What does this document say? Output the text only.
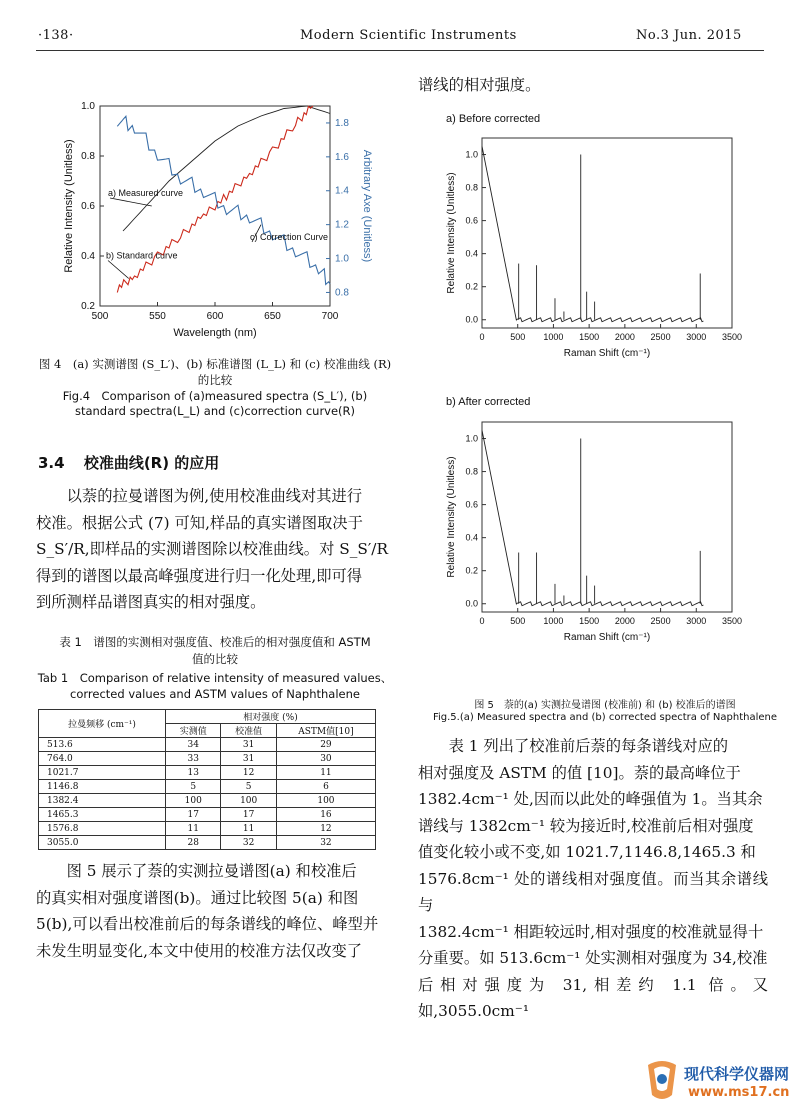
·138·	Modern Scientific Instruments	No.3 Jun. 2015
500	550	600	650	700
0.2
0.4
0.6
0.8
1.0
0.8
1.0
1.2
1.4
1.6
1.8
Wavelength (nm)
Relative Intensity (Unitless)	Arbitrary Axe (Unitless)
a) Measured curve
b) Standard curve
c) Correction Curve
图 4　(a) 实测谱图 (S_L′)、(b) 标准谱图 (L_L) 和 (c) 校准曲线 (R)
的比较
Fig.4　Comparison of (a)measured spectra (S_L′), (b)
standard spectra(L_L) and (c)correction curve(R)
3.4 校准曲线(R) 的应用

以萘的拉曼谱图为例,使用校准曲线对其进行

校准。根据公式 (7) 可知,样品的真实谱图取决于

S_S′/R,即样品的实测谱图除以校准曲线。对 S_S′/R

得到的谱图以最高峰强度进行归一化处理,即可得

到所测样品谱图真实的相对强度。

表 1　谱图的实测相对强度值、校准后的相对强度值和 ASTM
值的比较
Tab 1　Comparison of relative intensity of measured values、
corrected values and ASTM values of Naphthalene
拉曼频移 (cm⁻¹)	相对强度 (%)		
	实测值	校准值	ASTM值[10]
513.6	34	31	29
764.0	33	31	30
1021.7	13	12	11
1146.8	5	5	6
1382.4	100	100	100
1465.3	17	17	16
1576.8	11	11	12
3055.0	28	32	32

图 5 展示了萘的实测拉曼谱图(a) 和校准后

的真实相对强度谱图(b)。通过比较图 5(a) 和图

5(b),可以看出校准前后的每条谱线的峰位、峰型并

未发生明显变化,本文中使用的校准方法仅改变了

谱线的相对强度。
a) Before corrected
0	500 1000 1500 2000 2500 3000 3500
0.0
0.2
0.4
0.6
0.8
1.0
Raman Shift (cm⁻¹)
Relative Intensity (Unitless)
b) After corrected
0	500 1000 1500 2000 2500 3000 3500
0.0
0.2
0.4
0.6
0.8
1.0
Raman Shift (cm⁻¹)
Relative Intensity (Unitless)
图 5　萘的(a) 实测拉曼谱图 (校准前) 和 (b) 校准后的谱图
Fig.5.(a) Measured spectra and (b) corrected spectra of Naphthalene

表 1 列出了校准前后萘的每条谱线对应的

相对强度及 ASTM 的值 [10]。萘的最高峰位于

1382.4cm⁻¹ 处,因而以此处的峰强值为 1。当其余

谱线与 1382cm⁻¹ 较为接近时,校准前后相对强度

值变化较小或不变,如 1021.7,1146.8,1465.3 和

1576.8cm⁻¹ 处的谱线相对强度值。而当其余谱线与

1382.4cm⁻¹ 相距较远时,相对强度的校准就显得十

分重要。如 513.6cm⁻¹ 处实测相对强度为 34,校准

后相对强度为 31,相差约 1.1 倍。又如,3055.0cm⁻¹

现代科学仪器网
www.ms17.cn
